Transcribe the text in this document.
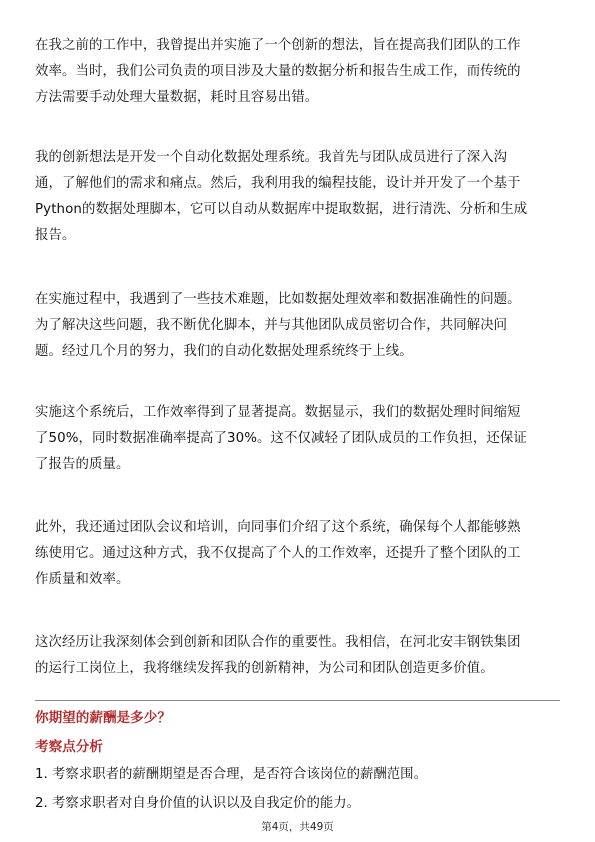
在我之前的工作中，我曾提出并实施了一个创新的想法，旨在提高我们团队的工作
效率。当时，我们公司负责的项目涉及大量的数据分析和报告生成工作，而传统的
方法需要手动处理大量数据，耗时且容易出错。
我的创新想法是开发一个自动化数据处理系统。我首先与团队成员进行了深入沟
通，了解他们的需求和痛点。然后，我利用我的编程技能，设计并开发了一个基于
Python的数据处理脚本，它可以自动从数据库中提取数据，进行清洗、分析和生成
报告。
在实施过程中，我遇到了一些技术难题，比如数据处理效率和数据准确性的问题。
为了解决这些问题，我不断优化脚本，并与其他团队成员密切合作，共同解决问
题。经过几个月的努力，我们的自动化数据处理系统终于上线。
实施这个系统后，工作效率得到了显著提高。数据显示，我们的数据处理时间缩短
了50%，同时数据准确率提高了30%。这不仅减轻了团队成员的工作负担，还保证
了报告的质量。
此外，我还通过团队会议和培训，向同事们介绍了这个系统，确保每个人都能够熟
练使用它。通过这种方式，我不仅提高了个人的工作效率，还提升了整个团队的工
作质量和效率。
这次经历让我深刻体会到创新和团队合作的重要性。我相信，在河北安丰钢铁集团
的运行工岗位上，我将继续发挥我的创新精神，为公司和团队创造更多价值。

你期望的薪酬是多少？

考察点分析

1. 考察求职者的薪酬期望是否合理，是否符合该岗位的薪酬范围。

2. 考察求职者对自身价值的认识以及自我定价的能力。

第4页，共49页
